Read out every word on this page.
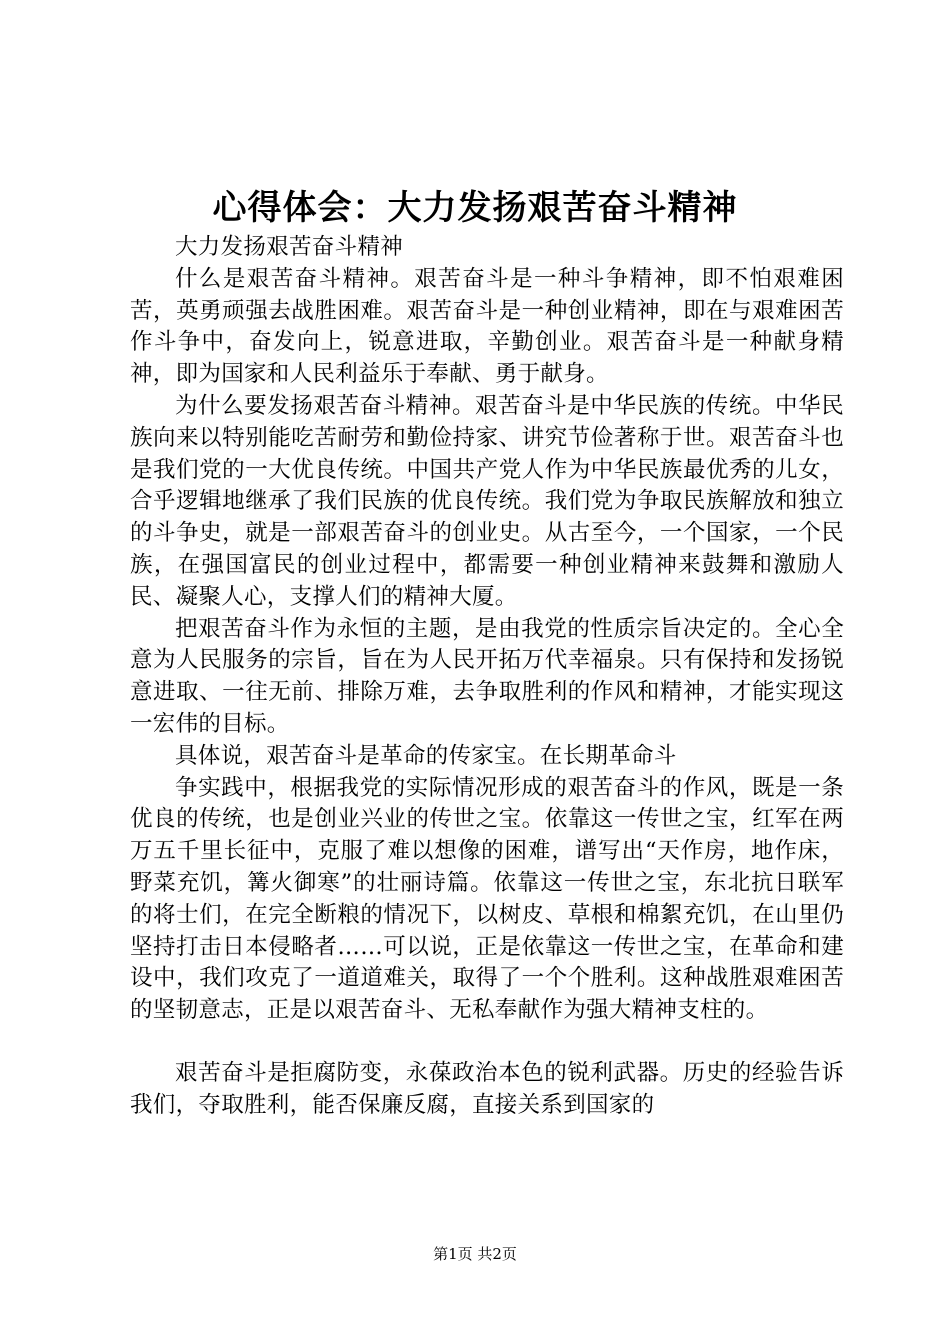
心得体会：大力发扬艰苦奋斗精神

大力发扬艰苦奋斗精神

什么是艰苦奋斗精神。艰苦奋斗是一种斗争精神，即不怕艰难困苦，英勇顽强去战胜困难。艰苦奋斗是一种创业精神，即在与艰难困苦作斗争中，奋发向上，锐意进取，辛勤创业。艰苦奋斗是一种献身精神，即为国家和人民利益乐于奉献、勇于献身。

为什么要发扬艰苦奋斗精神。艰苦奋斗是中华民族的传统。中华民族向来以特别能吃苦耐劳和勤俭持家、讲究节俭著称于世。艰苦奋斗也是我们党的一大优良传统。中国共产党人作为中华民族最优秀的儿女，合乎逻辑地继承了我们民族的优良传统。我们党为争取民族解放和独立的斗争史，就是一部艰苦奋斗的创业史。从古至今，一个国家，一个民族，在强国富民的创业过程中，都需要一种创业精神来鼓舞和激励人民、凝聚人心，支撑人们的精神大厦。

把艰苦奋斗作为永恒的主题，是由我党的性质宗旨决定的。全心全意为人民服务的宗旨，旨在为人民开拓万代幸福泉。只有保持和发扬锐意进取、一往无前、排除万难，去争取胜利的作风和精神，才能实现这一宏伟的目标。

具体说，艰苦奋斗是革命的传家宝。在长期革命斗

争实践中，根据我党的实际情况形成的艰苦奋斗的作风，既是一条优良的传统，也是创业兴业的传世之宝。依靠这一传世之宝，红军在两万五千里长征中，克服了难以想像的困难，谱写出“天作房，地作床，野菜充饥，篝火御寒”的壮丽诗篇。依靠这一传世之宝，东北抗日联军的将士们，在完全断粮的情况下，以树皮、草根和棉絮充饥，在山里仍坚持打击日本侵略者……可以说，正是依靠这一传世之宝，在革命和建设中，我们攻克了一道道难关，取得了一个个胜利。这种战胜艰难困苦的坚韧意志，正是以艰苦奋斗、无私奉献作为强大精神支柱的。

艰苦奋斗是拒腐防变，永葆政治本色的锐利武器。历史的经验告诉我们，夺取胜利，能否保廉反腐，直接关系到国家的

第1页 共2页
